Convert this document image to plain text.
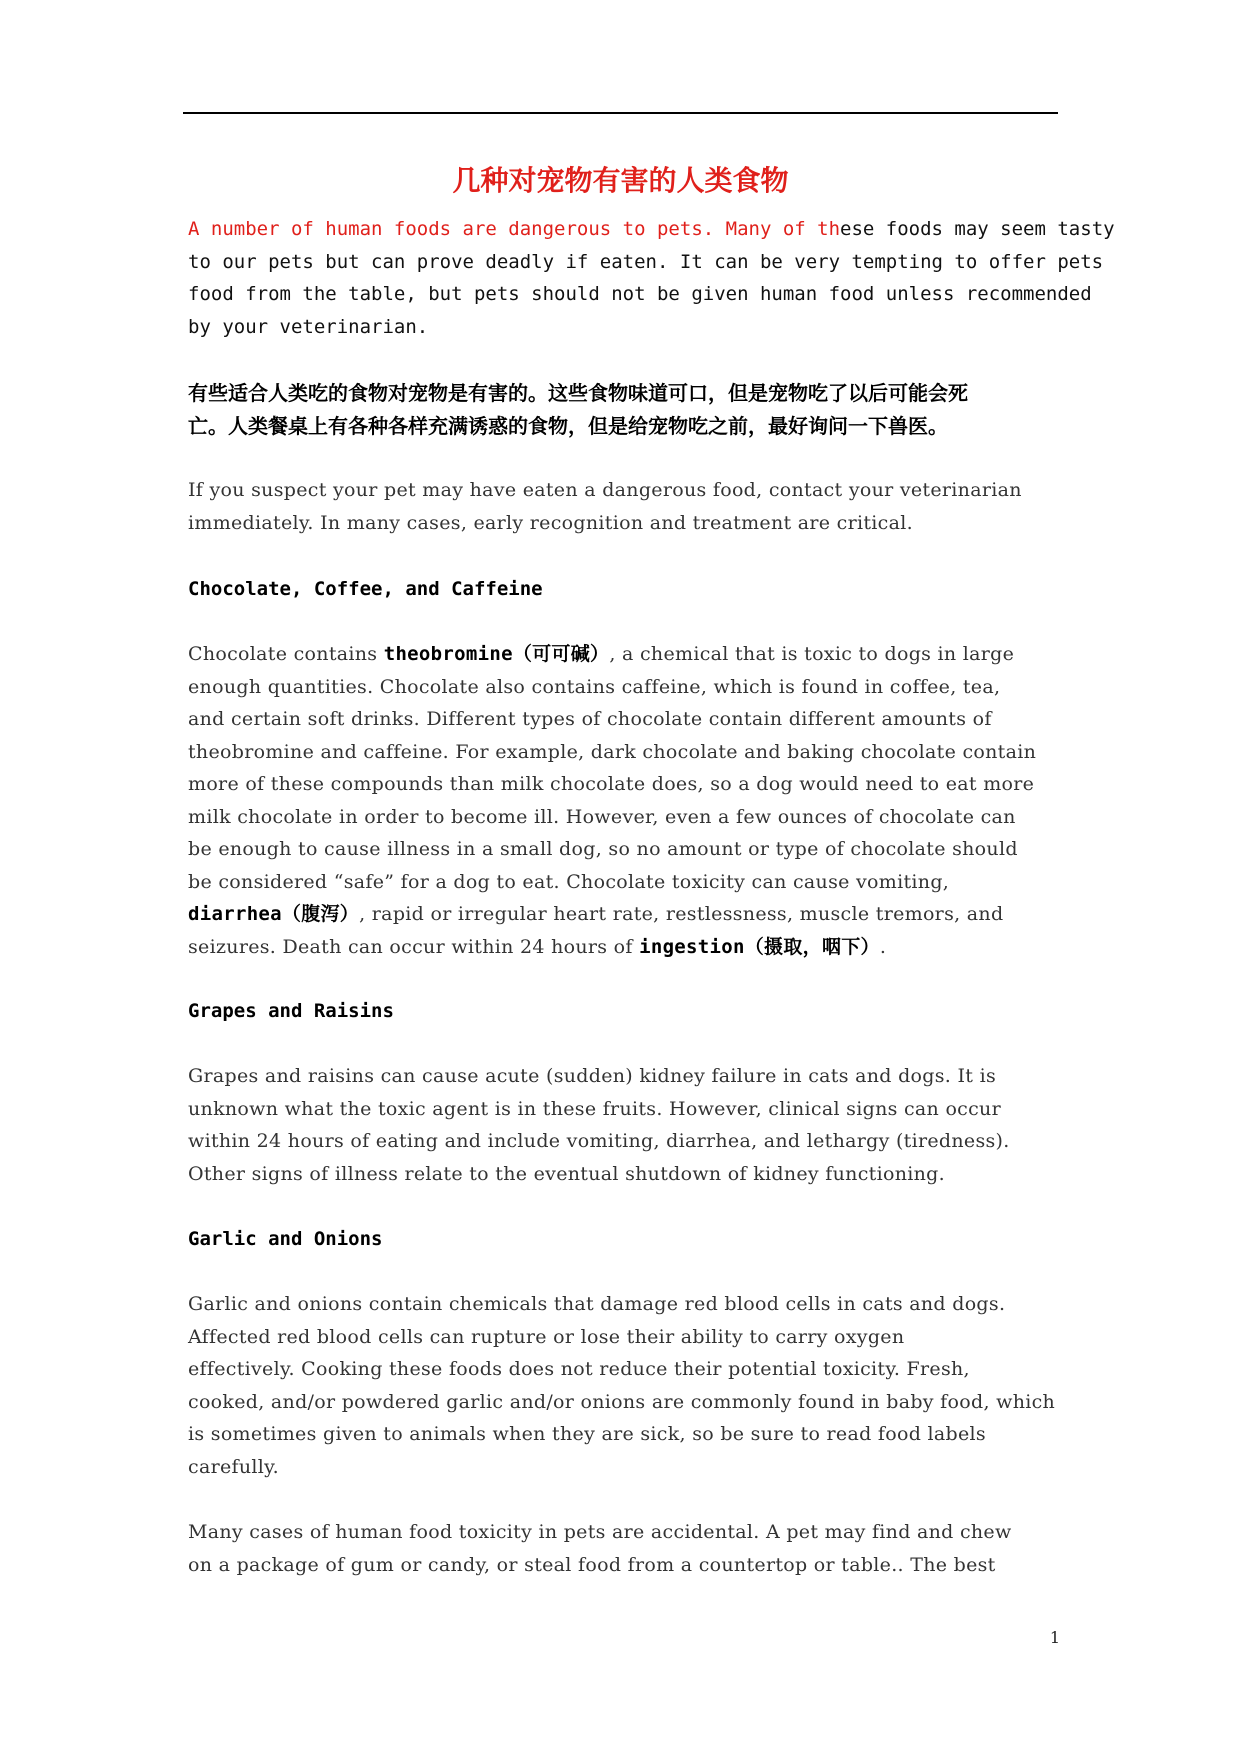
几种对宠物有害的人类食物
A number of human foods are dangerous to pets. Many of these foods may seem tasty
to our pets but can prove deadly if eaten. It can be very tempting to offer pets
food from the table, but pets should not be given human food unless recommended
by your veterinarian.
有些适合人类吃的食物对宠物是有害的。这些食物味道可口，但是宠物吃了以后可能会死
亡。人类餐桌上有各种各样充满诱惑的食物，但是给宠物吃之前，最好询问一下兽医。
If you suspect your pet may have eaten a dangerous food, contact your veterinarian
immediately. In many cases, early recognition and treatment are critical.
Chocolate, Coffee, and Caffeine
Chocolate contains theobromine（可可碱）, a chemical that is toxic to dogs in large
enough quantities. Chocolate also contains caffeine, which is found in coffee, tea,
and certain soft drinks. Different types of chocolate contain different amounts of
theobromine and caffeine. For example, dark chocolate and baking chocolate contain
more of these compounds than milk chocolate does, so a dog would need to eat more
milk chocolate in order to become ill. However, even a few ounces of chocolate can
be enough to cause illness in a small dog, so no amount or type of chocolate should
be considered “safe” for a dog to eat. Chocolate toxicity can cause vomiting,
diarrhea（腹泻）, rapid or irregular heart rate, restlessness, muscle tremors, and
seizures. Death can occur within 24 hours of ingestion（摄取，咽下）.
Grapes and Raisins
Grapes and raisins can cause acute (sudden) kidney failure in cats and dogs. It is
unknown what the toxic agent is in these fruits. However, clinical signs can occur
within 24 hours of eating and include vomiting, diarrhea, and lethargy (tiredness).
Other signs of illness relate to the eventual shutdown of kidney functioning.
Garlic and Onions
Garlic and onions contain chemicals that damage red blood cells in cats and dogs.
Affected red blood cells can rupture or lose their ability to carry oxygen
effectively. Cooking these foods does not reduce their potential toxicity. Fresh,
cooked, and/or powdered garlic and/or onions are commonly found in baby food, which
is sometimes given to animals when they are sick, so be sure to read food labels
carefully.
Many cases of human food toxicity in pets are accidental. A pet may find and chew
on a package of gum or candy, or steal food from a countertop or table.. The best
1
